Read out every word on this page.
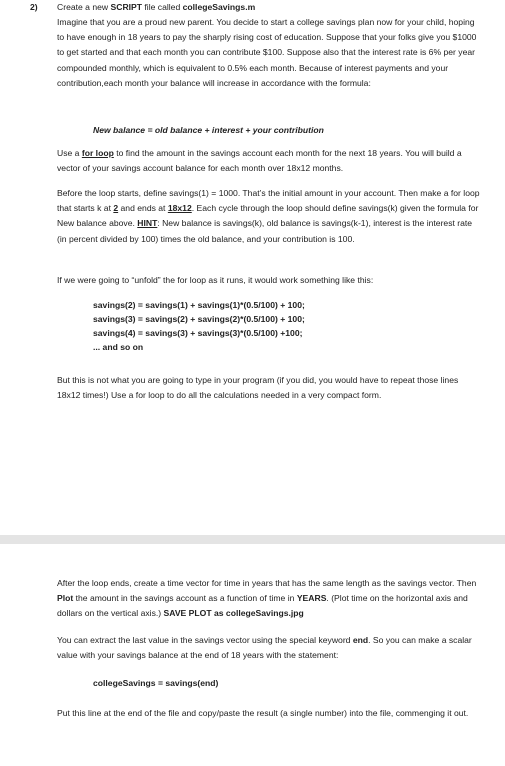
2) Create a new SCRIPT file called collegeSavings.m

Imagine that you are a proud new parent. You decide to start a college savings plan now for your child, hoping to have enough in 18 years to pay the sharply rising cost of education. Suppose that your folks give you $1000 to get started and that each month you can contribute $100. Suppose also that the interest rate is 6% per year compounded monthly, which is equivalent to 0.5% each month. Because of interest payments and your contribution,each month your balance will increase in accordance with the formula:

New balance = old balance + interest + your contribution

Use a for loop to find the amount in the savings account each month for the next 18 years. You will build a vector of your savings account balance for each month over 18x12 months.

Before the loop starts, define savings(1) = 1000. That’s the initial amount in your account. Then make a for loop that starts k at 2 and ends at 18x12. Each cycle through the loop should define savings(k) given the formula for New balance above. HINT: New balance is savings(k), old balance is savings(k-1), interest is the interest rate (in percent divided by 100) times the old balance, and your contribution is 100.

If we were going to “unfold” the for loop as it runs, it would work something like this:

savings(2) = savings(1) + savings(1)*(0.5/100) + 100;
savings(3) = savings(2) + savings(2)*(0.5/100) + 100;
savings(4) = savings(3) + savings(3)*(0.5/100) +100;
... and so on

But this is not what you are going to type in your program (if you did, you would have to repeat those lines 18x12 times!) Use a for loop to do all the calculations needed in a very compact form.

After the loop ends, create a time vector for time in years that has the same length as the savings vector. Then Plot the amount in the savings account as a function of time in YEARS. (Plot time on the horizontal axis and dollars on the vertical axis.) SAVE PLOT as collegeSavings.jpg

You can extract the last value in the savings vector using the special keyword end. So you can make a scalar value with your savings balance at the end of 18 years with the statement:

collegeSavings = savings(end)

Put this line at the end of the file and copy/paste the result (a single number) into the file, commenging it out.
